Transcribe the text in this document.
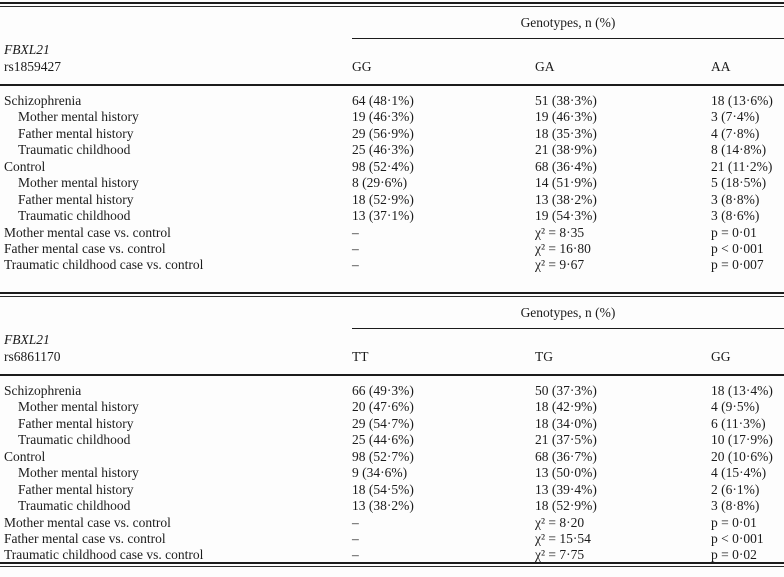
Genotypes, n (%)
FBXL21
rs1859427	GG	GA	AA
Schizophrenia	64 (48·1%)	51 (38·3%)	18 (13·6%)
Mother mental history	19 (46·3%)	19 (46·3%)	3 (7·4%)
Father mental history	29 (56·9%)	18 (35·3%)	4 (7·8%)
Traumatic childhood	25 (46·3%)	21 (38·9%)	8 (14·8%)
Control	98 (52·4%)	68 (36·4%)	21 (11·2%)
Mother mental history	8 (29·6%)	14 (51·9%)	5 (18·5%)
Father mental history	18 (52·9%)	13 (38·2%)	3 (8·8%)
Traumatic childhood	13 (37·1%)	19 (54·3%)	3 (8·6%)
Mother mental case vs. control	–	χ² = 8·35	p = 0·01
Father mental case vs. control	–	χ² = 16·80	p < 0·001
Traumatic childhood case vs. control	–	χ² = 9·67	p = 0·007
Genotypes, n (%)
FBXL21
rs6861170	TT	TG	GG
Schizophrenia	66 (49·3%)	50 (37·3%)	18 (13·4%)
Mother mental history	20 (47·6%)	18 (42·9%)	4 (9·5%)
Father mental history	29 (54·7%)	18 (34·0%)	6 (11·3%)
Traumatic childhood	25 (44·6%)	21 (37·5%)	10 (17·9%)
Control	98 (52·7%)	68 (36·7%)	20 (10·6%)
Mother mental history	9 (34·6%)	13 (50·0%)	4 (15·4%)
Father mental history	18 (54·5%)	13 (39·4%)	2 (6·1%)
Traumatic childhood	13 (38·2%)	18 (52·9%)	3 (8·8%)
Mother mental case vs. control	–	χ² = 8·20	p = 0·01
Father mental case vs. control	–	χ² = 15·54	p < 0·001
Traumatic childhood case vs. control	–	χ² = 7·75	p = 0·02
